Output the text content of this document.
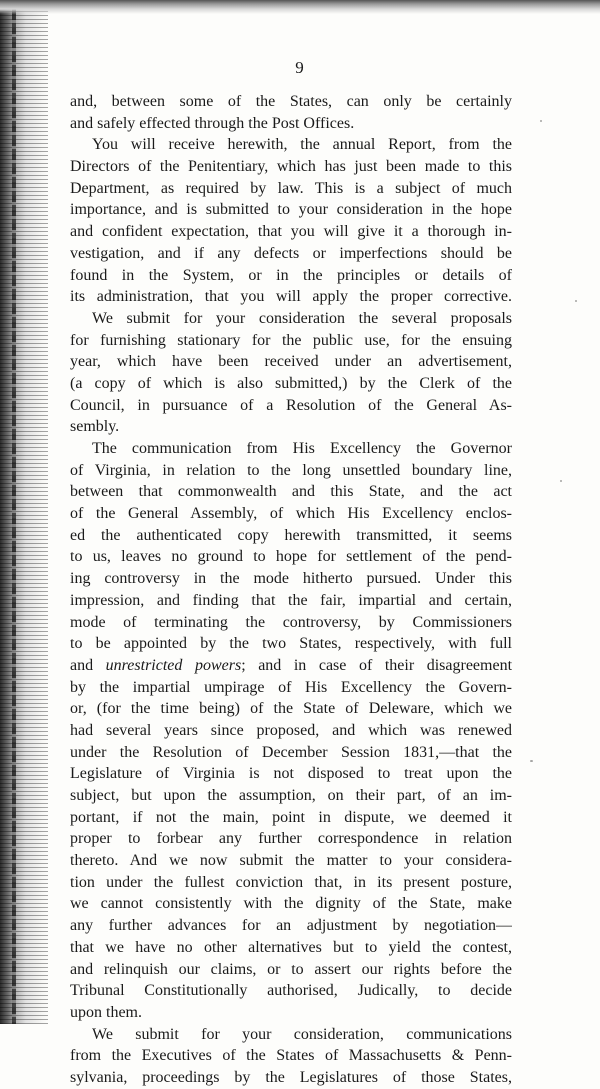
9
and, between some of the States, can only be certainly
and safely effected through the Post Offices.
You will receive herewith, the annual Report, from the
Directors of the Penitentiary, which has just been made to this
Department, as required by law. This is a subject of much
importance, and is submitted to your consideration in the hope
and confident expectation, that you will give it a thorough in-
vestigation, and if any defects or imperfections should be
found in the System, or in the principles or details of
its administration, that you will apply the proper corrective.
We submit for your consideration the several proposals
for furnishing stationary for the public use, for the ensuing
year, which have been received under an advertisement,
(a copy of which is also submitted,) by the Clerk of the
Council, in pursuance of a Resolution of the General As-
sembly.
The communication from His Excellency the Governor
of Virginia, in relation to the long unsettled boundary line,
between that commonwealth and this State, and the act
of the General Assembly, of which His Excellency enclos-
ed the authenticated copy herewith transmitted, it seems
to us, leaves no ground to hope for settlement of the pend-
ing controversy in the mode hitherto pursued. Under this
impression, and finding that the fair, impartial and certain,
mode of terminating the controversy, by Commissioners
to be appointed by the two States, respectively, with full
and unrestricted powers; and in case of their disagreement
by the impartial umpirage of His Excellency the Govern-
or, (for the time being) of the State of Deleware, which we
had several years since proposed, and which was renewed
under the Resolution of December Session 1831,—that the
Legislature of Virginia is not disposed to treat upon the
subject, but upon the assumption, on their part, of an im-
portant, if not the main, point in dispute, we deemed it
proper to forbear any further correspondence in relation
thereto. And we now submit the matter to your considera-
tion under the fullest conviction that, in its present posture,
we cannot consistently with the dignity of the State, make
any further advances for an adjustment by negotiation—
that we have no other alternatives but to yield the contest,
and relinquish our claims, or to assert our rights before the
Tribunal Constitutionally authorised, Judically, to decide
upon them.
We submit for your consideration, communications
from the Executives of the States of Massachusetts & Penn-
sylvania, proceedings by the Legislatures of those States,
